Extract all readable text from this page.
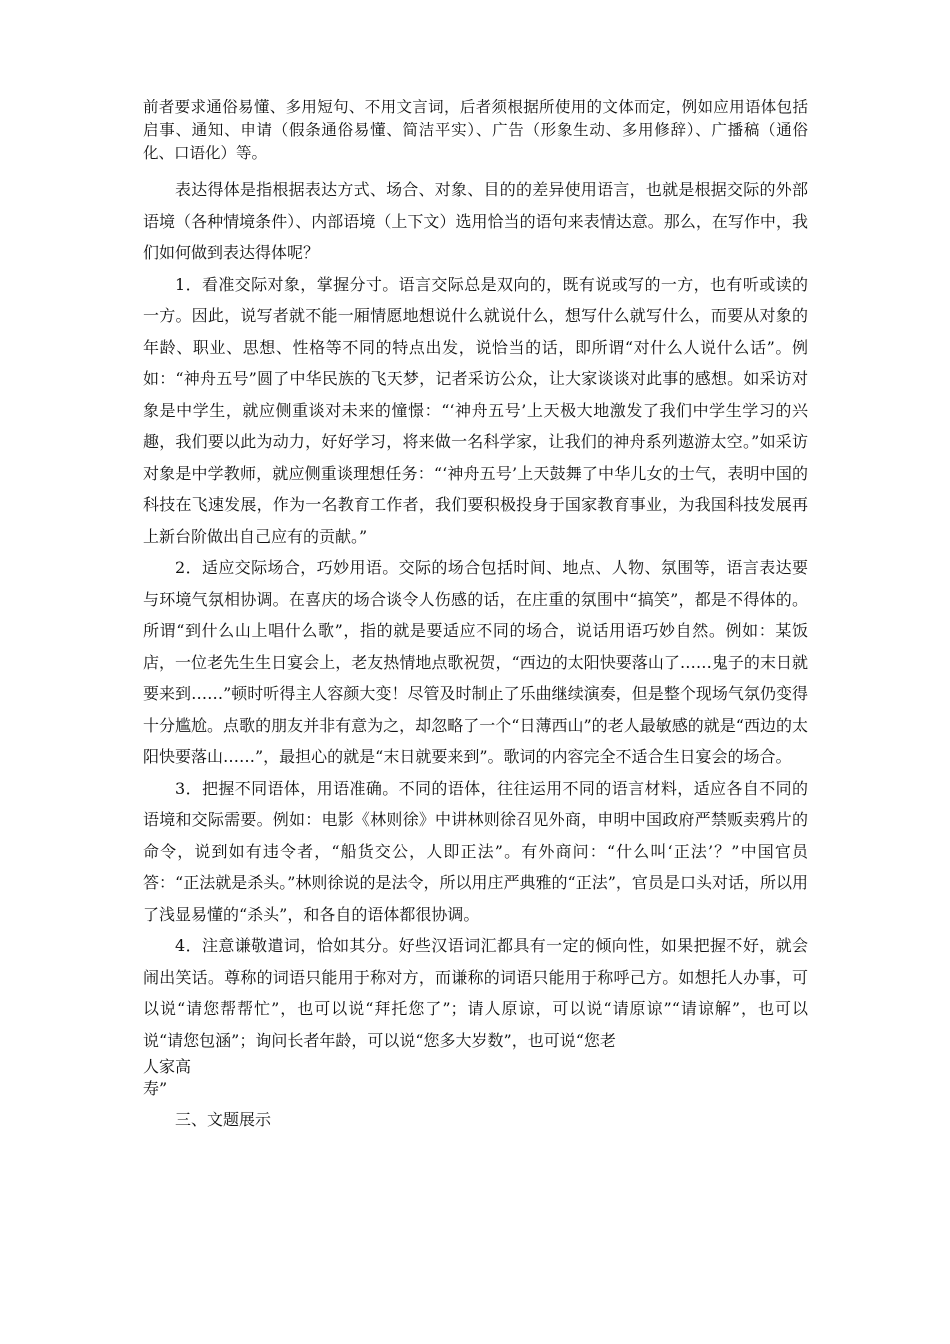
前者要求通俗易懂、多用短句、不用文言词，后者须根据所使用的文体而定，例如应用语体包括启事、通知、申请（假条通俗易懂、简洁平实）、广告（形象生动、多用修辞）、广播稿（通俗化、口语化）等。

表达得体是指根据表达方式、场合、对象、目的的差异使用语言，也就是根据交际的外部语境（各种情境条件）、内部语境（上下文）选用恰当的语句来表情达意。那么，在写作中，我们如何做到表达得体呢？

1．看准交际对象，掌握分寸。语言交际总是双向的，既有说或写的一方，也有听或读的一方。因此，说写者就不能一厢情愿地想说什么就说什么，想写什么就写什么，而要从对象的年龄、职业、思想、性格等不同的特点出发，说恰当的话，即所谓“对什么人说什么话”。例如：“神舟五号”圆了中华民族的飞天梦，记者采访公众，让大家谈谈对此事的感想。如采访对象是中学生，就应侧重谈对未来的憧憬：“‘神舟五号’上天极大地激发了我们中学生学习的兴趣，我们要以此为动力，好好学习，将来做一名科学家，让我们的神舟系列遨游太空。”如采访对象是中学教师，就应侧重谈理想任务：“‘神舟五号’上天鼓舞了中华儿女的士气，表明中国的科技在飞速发展，作为一名教育工作者，我们要积极投身于国家教育事业，为我国科技发展再上新台阶做出自己应有的贡献。”

2．适应交际场合，巧妙用语。交际的场合包括时间、地点、人物、氛围等，语言表达要与环境气氛相协调。在喜庆的场合谈令人伤感的话，在庄重的氛围中“搞笑”，都是不得体的。所谓“到什么山上唱什么歌”，指的就是要适应不同的场合，说话用语巧妙自然。例如：某饭店，一位老先生生日宴会上，老友热情地点歌祝贺，“西边的太阳快要落山了……鬼子的末日就要来到……”顿时听得主人容颜大变！尽管及时制止了乐曲继续演奏，但是整个现场气氛仍变得十分尴尬。点歌的朋友并非有意为之，却忽略了一个“日薄西山”的老人最敏感的就是“西边的太阳快要落山……”，最担心的就是“末日就要来到”。歌词的内容完全不适合生日宴会的场合。

3．把握不同语体，用语准确。不同的语体，往往运用不同的语言材料，适应各自不同的语境和交际需要。例如：电影《林则徐》中讲林则徐召见外商，申明中国政府严禁贩卖鸦片的命令，说到如有违令者，“船货交公，人即正法”。有外商问：“什么叫‘正法’？”中国官员答：“正法就是杀头。”林则徐说的是法令，所以用庄严典雅的“正法”，官员是口头对话，所以用了浅显易懂的“杀头”，和各自的语体都很协调。

4．注意谦敬遣词，恰如其分。好些汉语词汇都具有一定的倾向性，如果把握不好，就会闹出笑话。尊称的词语只能用于称对方，而谦称的词语只能用于称呼己方。如想托人办事，可以说“请您帮帮忙”，也可以说“拜托您了”；请人原谅，可以说“请原谅”“请谅解”，也可以说“请您包涵”；询问长者年龄，可以说“您多大岁数”，也可说“您老

人家高

寿”

三、文题展示
